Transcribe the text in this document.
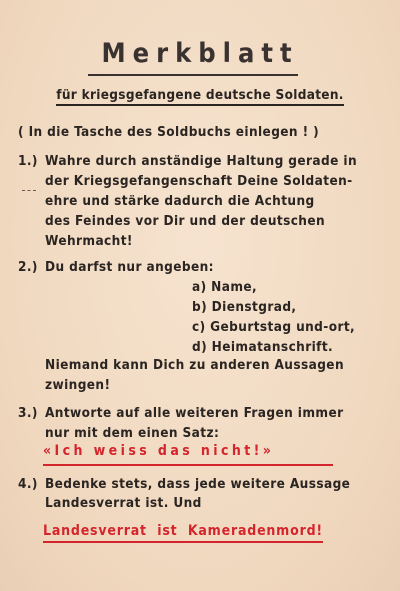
Merkblatt
für kriegsgefangene deutsche Soldaten.
( In die Tasche des Soldbuchs einlegen ! )
1.) Wahre durch anständige Haltung gerade in
der Kriegsgefangenschaft Deine Soldaten-
ehre und stärke dadurch die Achtung
des Feindes vor Dir und der deutschen
Wehrmacht!
2.) Du darfst nur angeben:
a) Name,
b) Dienstgrad,
c) Geburtstag und-ort,
d) Heimatanschrift.
Niemand kann Dich zu anderen Aussagen
zwingen!
3.) Antworte auf alle weiteren Fragen immer
nur mit dem einen Satz:
«Ich weiss das nicht!»
4.) Bedenke stets, dass jede weitere Aussage
Landesverrat ist. Und
Landesverrat  ist  Kameradenmord!
